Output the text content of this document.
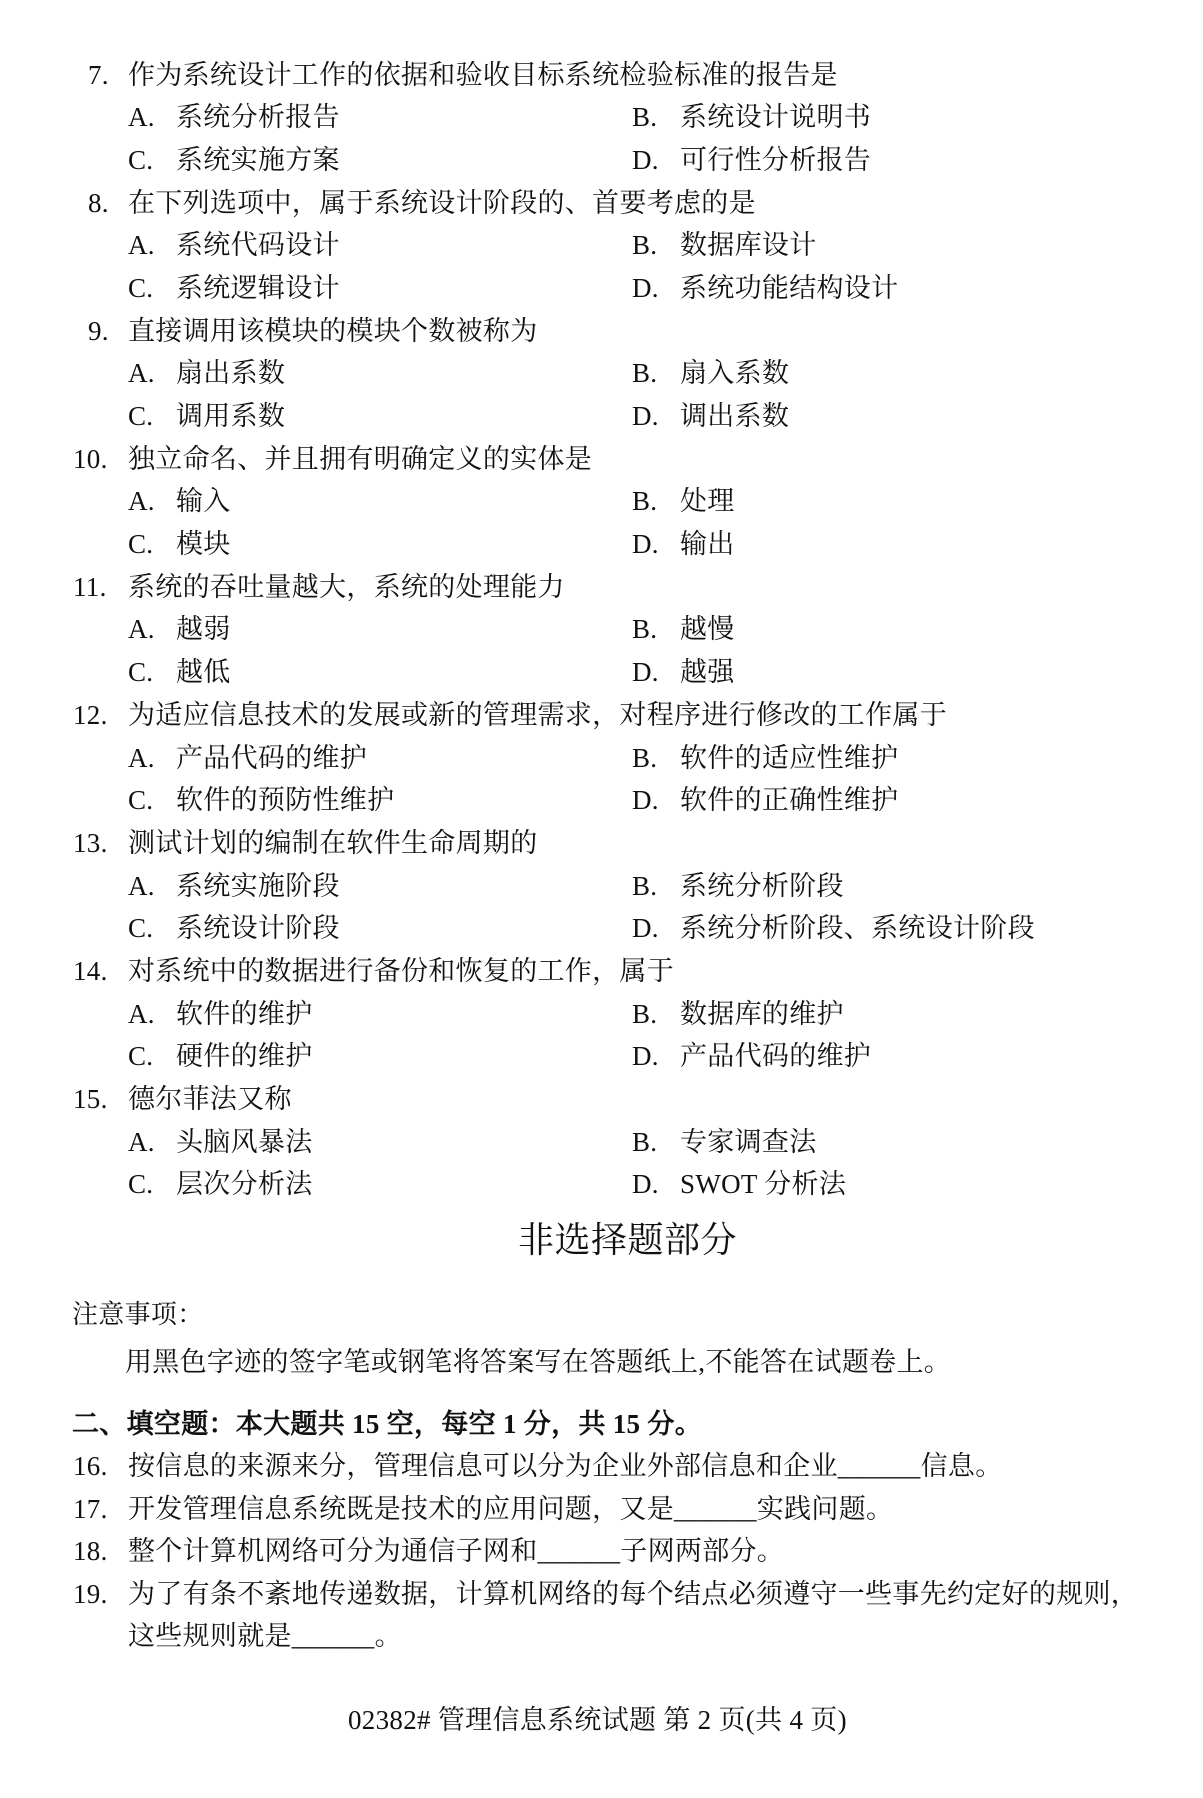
7. 作为系统设计工作的依据和验收目标系统检验标准的报告是
A. 系统分析报告	B. 系统设计说明书
C. 系统实施方案	D. 可行性分析报告
8. 在下列选项中，属于系统设计阶段的、首要考虑的是
A. 系统代码设计	B. 数据库设计
C. 系统逻辑设计	D. 系统功能结构设计
9. 直接调用该模块的模块个数被称为
A. 扇出系数	B. 扇入系数
C. 调用系数	D. 调出系数
10. 独立命名、并且拥有明确定义的实体是
A. 输入	B. 处理
C. 模块	D. 输出
11. 系统的吞吐量越大，系统的处理能力
A. 越弱	B. 越慢
C. 越低	D. 越强
12. 为适应信息技术的发展或新的管理需求，对程序进行修改的工作属于
A. 产品代码的维护	B. 软件的适应性维护
C. 软件的预防性维护	D. 软件的正确性维护
13. 测试计划的编制在软件生命周期的
A. 系统实施阶段	B. 系统分析阶段
C. 系统设计阶段	D. 系统分析阶段、系统设计阶段
14. 对系统中的数据进行备份和恢复的工作，属于
A. 软件的维护	B. 数据库的维护
C. 硬件的维护	D. 产品代码的维护
15. 德尔菲法又称
A. 头脑风暴法	B. 专家调查法
C. 层次分析法	D. SWOT 分析法
非选择题部分
注意事项：
用黑色字迹的签字笔或钢笔将答案写在答题纸上,不能答在试题卷上。
二、填空题：本大题共 15 空，每空 1 分，共 15 分。
16. 按信息的来源来分，管理信息可以分为企业外部信息和企业______信息。
17. 开发管理信息系统既是技术的应用问题，又是______实践问题。
18. 整个计算机网络可分为通信子网和______子网两部分。
19. 为了有条不紊地传递数据，计算机网络的每个结点必须遵守一些事先约定好的规则，
这些规则就是______。
02382# 管理信息系统试题 第 2 页(共 4 页)
